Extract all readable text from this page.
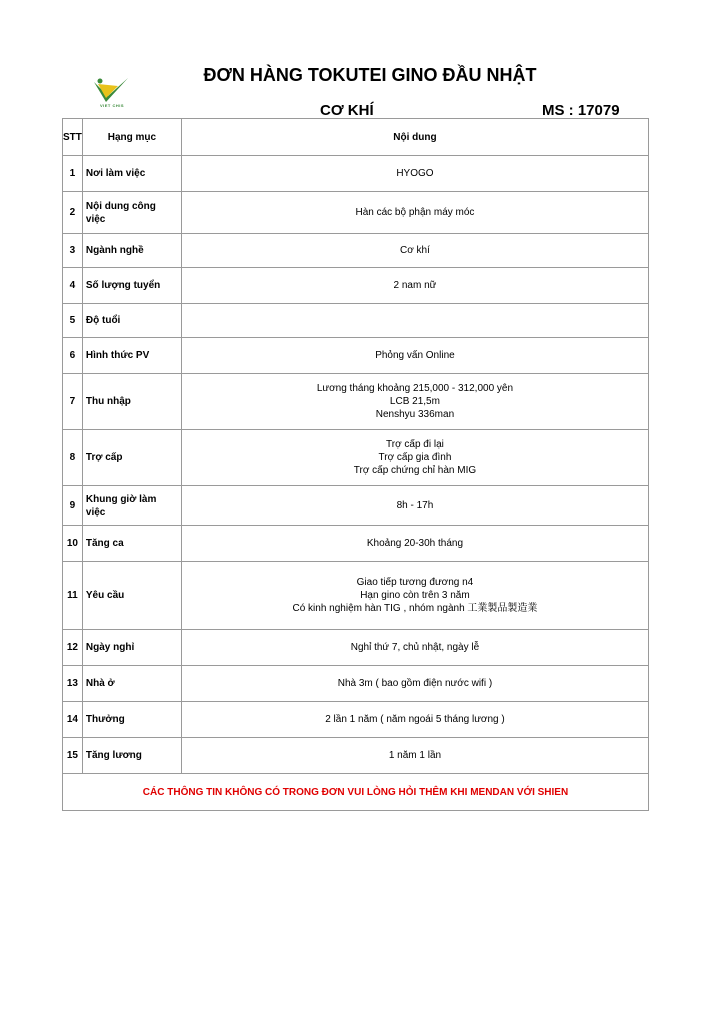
VIET CHIS
ĐƠN HÀNG TOKUTEI GINO ĐẦU NHẬT
CƠ KHÍ	MS : 17079
STT	Hạng mục	Nội dung
1	Nơi làm việc	HYOGO

2	Nội dung công việc	Hàn các bộ phận máy móc

3	Ngành nghề	Cơ khí

4	Số lượng tuyển	2 nam nữ

5	Độ tuổi	

6	Hình thức PV	Phỏng vấn Online

7	Thu nhập	Lương tháng khoảng 215,000 - 312,000 yên
LCB 21,5m
Nenshyu 336man

8	Trợ cấp	Trợ cấp đi lại
Trợ cấp gia đình
Trợ cấp chứng chỉ hàn MIG

9	Khung giờ làm việc	8h - 17h

10	Tăng ca	Khoảng 20-30h tháng

11	Yêu cầu	Giao tiếp tương đương n4
Hạn gino còn trên 3 năm
Có kinh nghiệm hàn TIG , nhóm ngành 工業製品製造業

12	Ngày nghỉ	Nghỉ thứ 7, chủ nhật, ngày lễ

13	Nhà ở	Nhà 3m ( bao gồm điện nước wifi )

14	Thưởng	2 lần 1 năm ( năm ngoái 5 tháng lương )

15	Tăng lương	1 năm 1 lần

CÁC THÔNG TIN KHÔNG CÓ TRONG ĐƠN VUI LÒNG HỎI THÊM KHI MENDAN VỚI SHIEN		
